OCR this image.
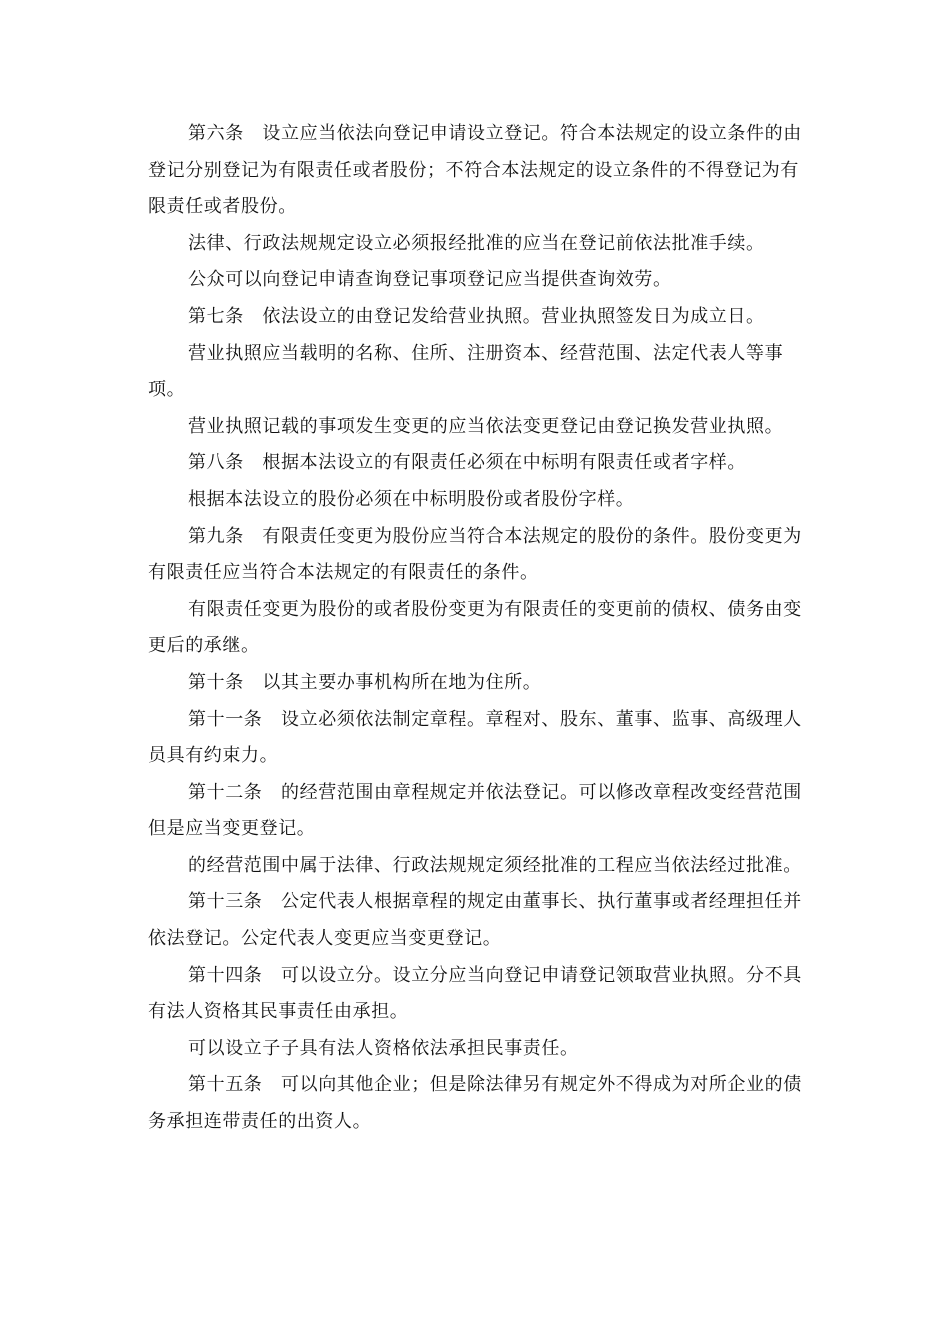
第六条　设立应当依法向登记申请设立登记。符合本法规定的设立条件的由登记分别登记为有限责任或者股份；不符合本法规定的设立条件的不得登记为有限责任或者股份。

法律、行政法规规定设立必须报经批准的应当在登记前依法批准手续。

公众可以向登记申请查询登记事项登记应当提供查询效劳。

第七条　依法设立的由登记发给营业执照。营业执照签发日为成立日。

营业执照应当载明的名称、住所、注册资本、经营范围、法定代表人等事项。

营业执照记载的事项发生变更的应当依法变更登记由登记换发营业执照。

第八条　根据本法设立的有限责任必须在中标明有限责任或者字样。

根据本法设立的股份必须在中标明股份或者股份字样。

第九条　有限责任变更为股份应当符合本法规定的股份的条件。股份变更为有限责任应当符合本法规定的有限责任的条件。

有限责任变更为股份的或者股份变更为有限责任的变更前的债权、债务由变更后的承继。

第十条　以其主要办事机构所在地为住所。

第十一条　设立必须依法制定章程。章程对、股东、董事、监事、高级理人员具有约束力。

第十二条　的经营范围由章程规定并依法登记。可以修改章程改变经营范围但是应当变更登记。

的经营范围中属于法律、行政法规规定须经批准的工程应当依法经过批准。

第十三条　公定代表人根据章程的规定由董事长、执行董事或者经理担任并依法登记。公定代表人变更应当变更登记。

第十四条　可以设立分。设立分应当向登记申请登记领取营业执照。分不具有法人资格其民事责任由承担。

可以设立子子具有法人资格依法承担民事责任。

第十五条　可以向其他企业；但是除法律另有规定外不得成为对所企业的债务承担连带责任的出资人。
